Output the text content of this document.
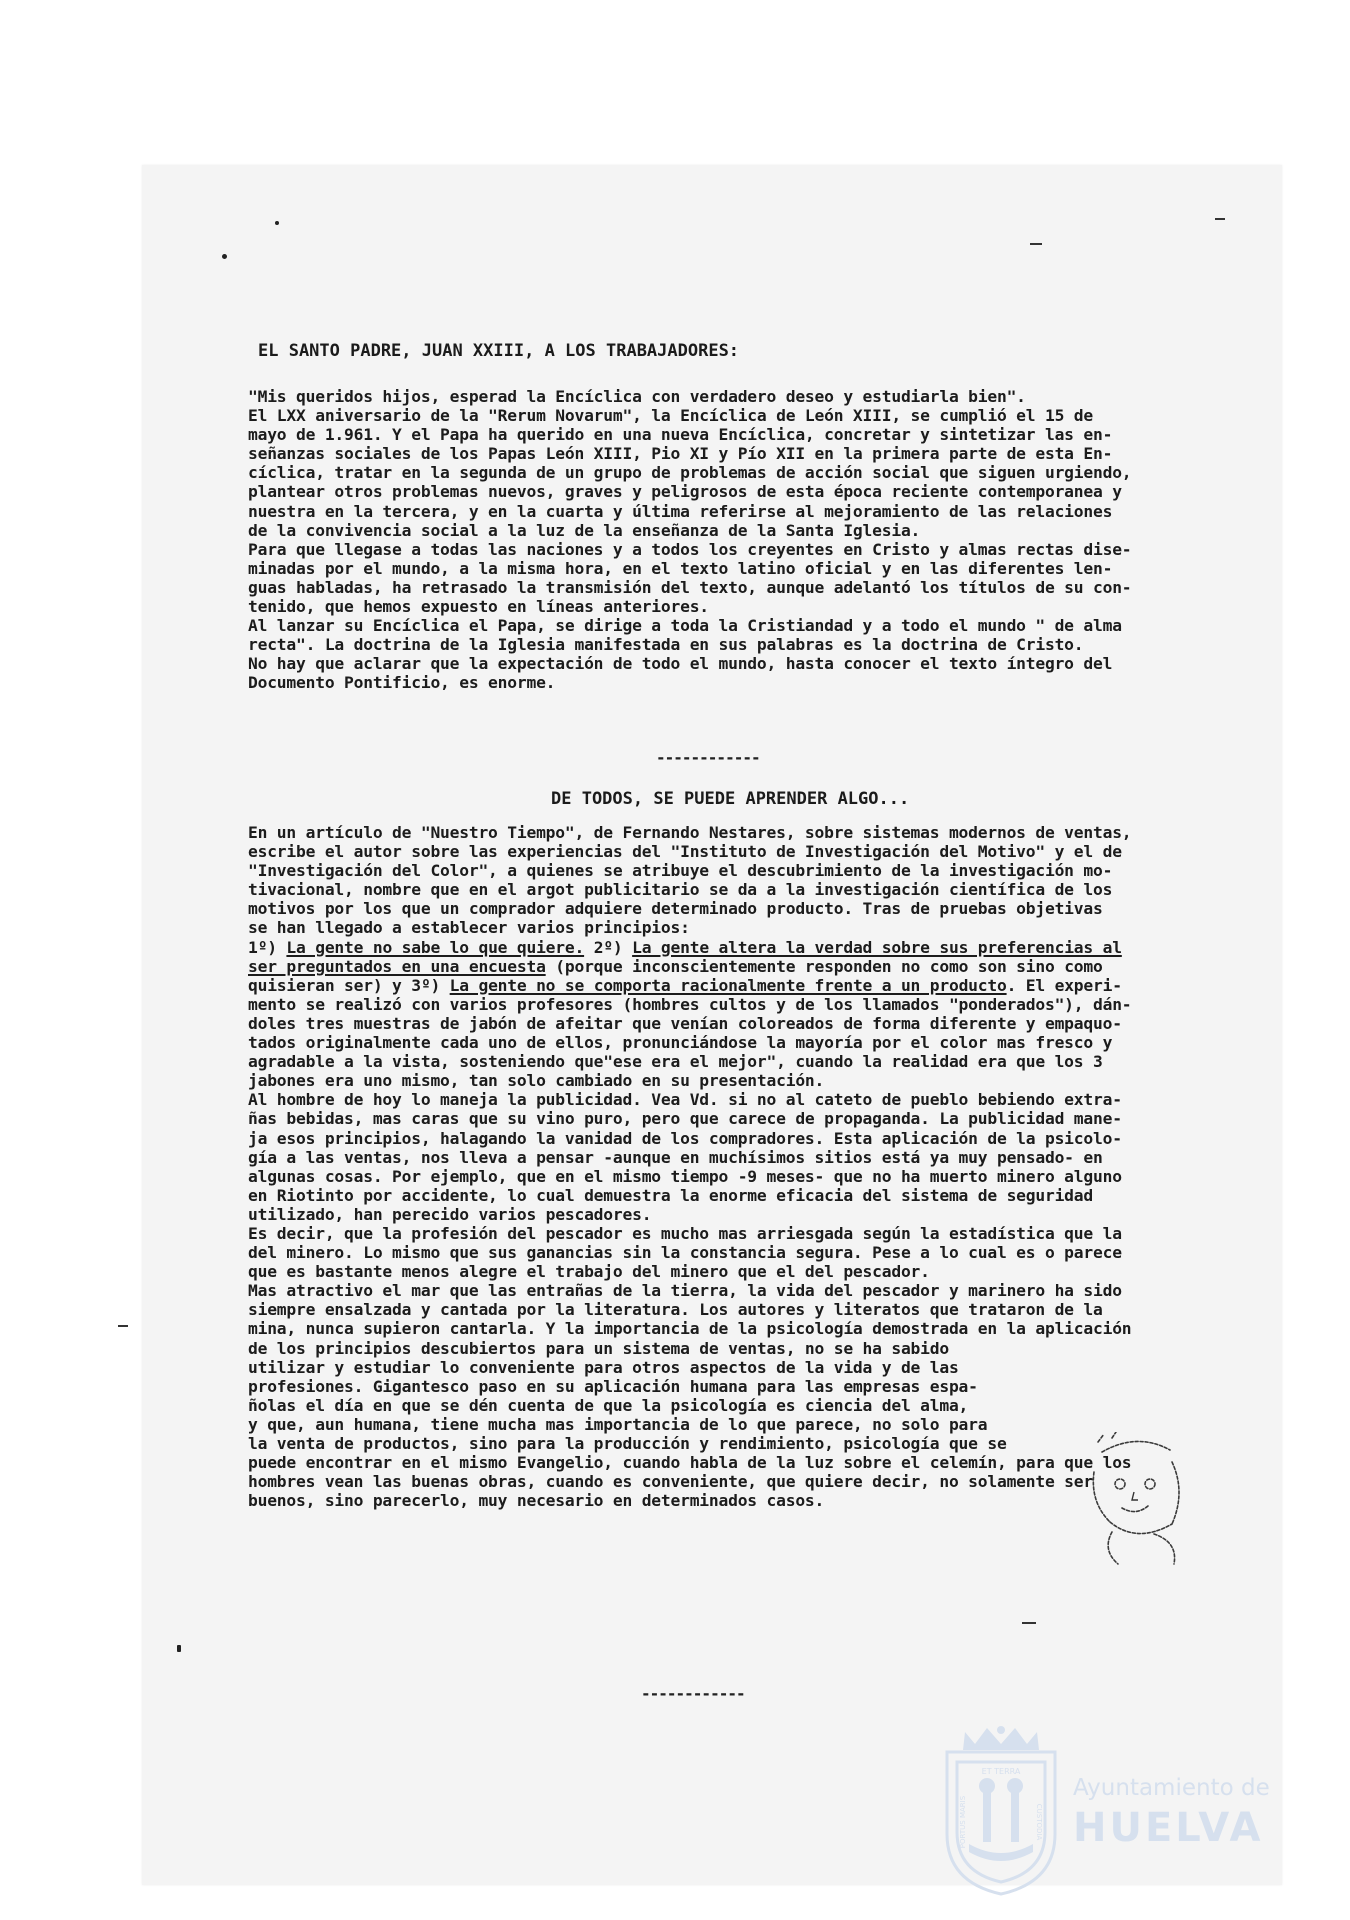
EL SANTO PADRE, JUAN XXIII, A LOS TRABAJADORES:

"Mis queridos hijos, esperad la Encíclica con verdadero deseo y estudiarla bien".

El LXX aniversario de la "Rerum Novarum", la Encíclica de León XIII, se cumplió el 15 de

mayo de 1.961. Y el Papa ha querido en una nueva Encíclica, concretar y sintetizar las en-

señanzas sociales de los Papas León XIII, Pio XI y Pío XII en la primera parte de esta En-

cíclica, tratar en la segunda de un grupo de problemas de acción social que siguen urgiendo,

plantear otros problemas nuevos, graves y peligrosos de esta época reciente contemporanea y

nuestra en la tercera, y en la cuarta y última referirse al mejoramiento de las relaciones

de la convivencia social a la luz de la enseñanza de la Santa Iglesia.

Para que llegase a todas las naciones y a todos los creyentes en Cristo y almas rectas dise-

minadas por el mundo, a la misma hora, en el texto latino oficial y en las diferentes len-

guas habladas, ha retrasado la transmisión del texto, aunque adelantó los títulos de su con-

tenido, que hemos expuesto en líneas anteriores.

Al lanzar su Encíclica el Papa, se dirige a toda la Cristiandad y a todo el mundo " de alma

recta". La doctrina de la Iglesia manifestada en sus palabras es la doctrina de Cristo.

No hay que aclarar que la expectación de todo el mundo, hasta conocer el texto íntegro del

Documento Pontificio, es enorme.

------------
DE TODOS, SE PUEDE APRENDER ALGO...

En un artículo de "Nuestro Tiempo", de Fernando Nestares, sobre sistemas modernos de ventas,

escribe el autor sobre las experiencias del "Instituto de Investigación del Motivo" y el de

"Investigación del Color", a quienes se atribuye el descubrimiento de la investigación mo-

tivacional, nombre que en el argot publicitario se da a la investigación científica de los

motivos por los que un comprador adquiere determinado producto. Tras de pruebas objetivas

se han llegado a establecer varios principios:

1º) La gente no sabe lo que quiere. 2º) La gente altera la verdad sobre sus preferencias al

ser preguntados en una encuesta (porque inconscientemente responden no como son sino como

quisieran ser) y 3º) La gente no se comporta racionalmente frente a un producto. El experi-

mento se realizó con varios profesores (hombres cultos y de los llamados "ponderados"), dán-

doles tres muestras de jabón de afeitar que venían coloreados de forma diferente y empaquo-

tados originalmente cada uno de ellos, pronunciándose la mayoría por el color mas fresco y

agradable a la vista, sosteniendo que"ese era el mejor", cuando la realidad era que los 3

jabones era uno mismo, tan solo cambiado en su presentación.

Al hombre de hoy lo maneja la publicidad. Vea Vd. si no al cateto de pueblo bebiendo extra-

ñas bebidas, mas caras que su vino puro, pero que carece de propaganda. La publicidad mane-

ja esos principios, halagando la vanidad de los compradores. Esta aplicación de la psicolo-

gía a las ventas, nos lleva a pensar -aunque en muchísimos sitios está ya muy pensado- en

algunas cosas. Por ejemplo, que en el mismo tiempo -9 meses- que no ha muerto minero alguno

en Riotinto por accidente, lo cual demuestra la enorme eficacia del sistema de seguridad

utilizado, han perecido varios pescadores.

Es decir, que la profesión del pescador es mucho mas arriesgada según la estadística que la

del minero. Lo mismo que sus ganancias sin la constancia segura. Pese a lo cual es o parece

que es bastante menos alegre el trabajo del minero que el del pescador.

Mas atractivo el mar que las entrañas de la tierra, la vida del pescador y marinero ha sido

siempre ensalzada y cantada por la literatura. Los autores y literatos que trataron de la

mina, nunca supieron cantarla. Y la importancia de la psicología demostrada en la aplicación

de los principios descubiertos para un sistema de ventas, no se ha sabido

utilizar y estudiar lo conveniente para otros aspectos de la vida y de las

profesiones. Gigantesco paso en su aplicación humana para las empresas espa-

ñolas el día en que se dén cuenta de que la psicología es ciencia del alma,

y que, aun humana, tiene mucha mas importancia de lo que parece, no solo para

la venta de productos, sino para la producción y rendimiento, psicología que se

puede encontrar en el mismo Evangelio, cuando habla de la luz sobre el celemín, para que los

hombres vean las buenas obras, cuando es conveniente, que quiere decir, no solamente ser

buenos, sino parecerlo, muy necesario en determinados casos.

------------
ET TERRA
PORTUS MARIS	CUSTODIA
Ayuntamiento de
HUELVA
